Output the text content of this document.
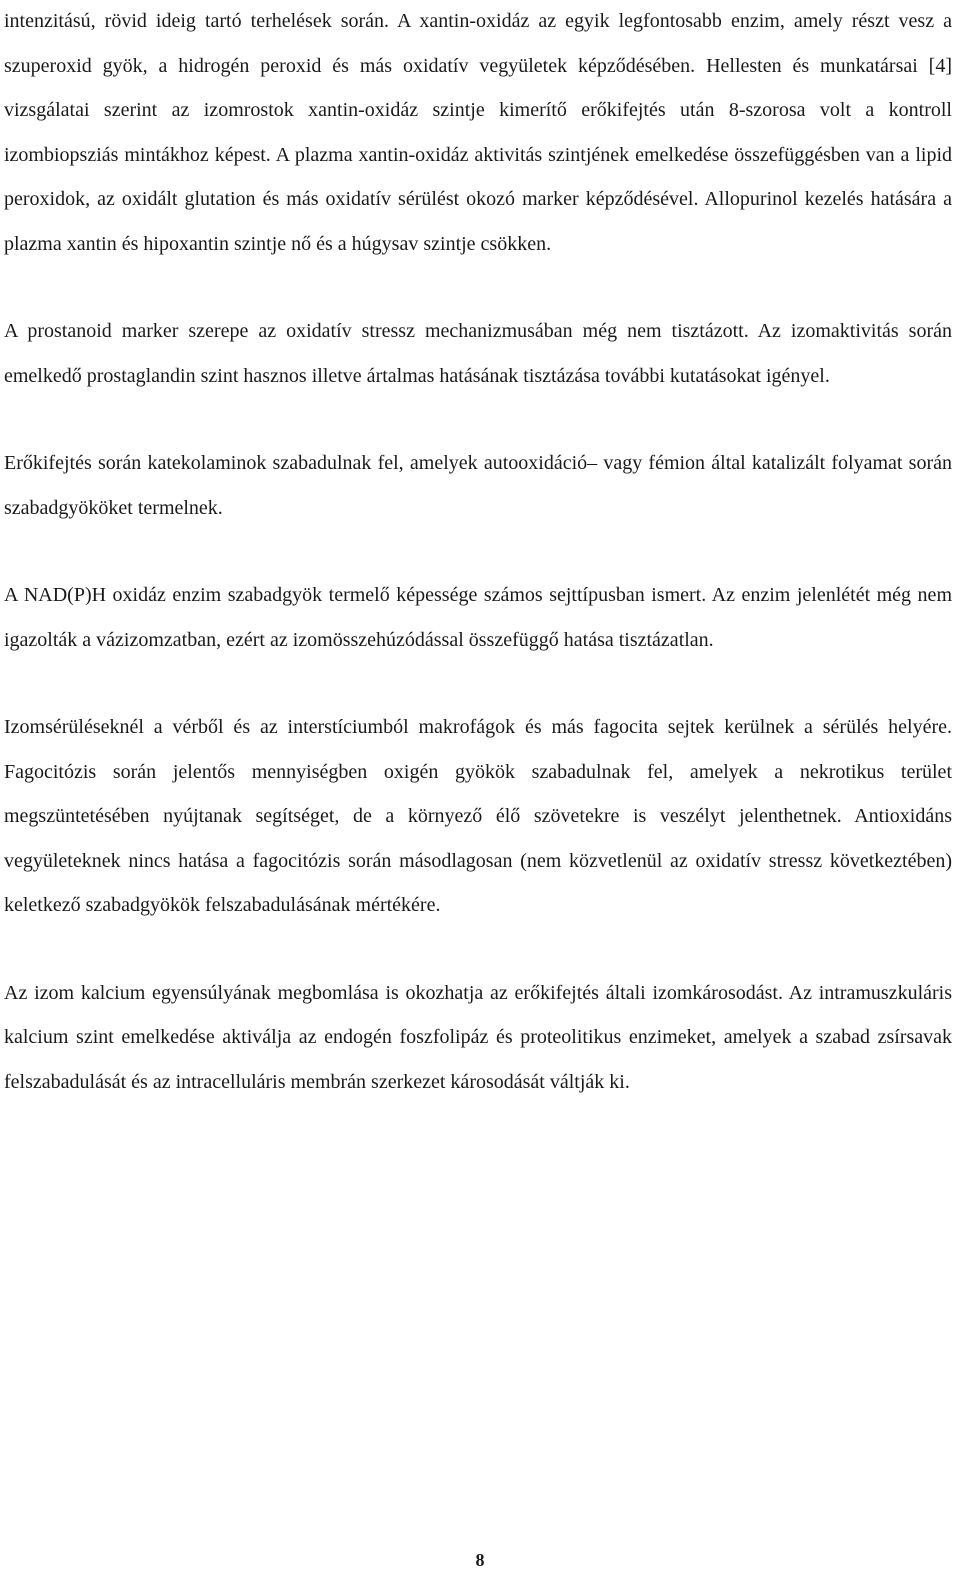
intenzitású, rövid ideig tartó terhelések során. A xantin-oxidáz az egyik legfontosabb enzim, amely részt vesz a szuperoxid gyök, a hidrogén peroxid és más oxidatív vegyületek képződésében. Hellesten és munkatársai [4] vizsgálatai szerint az izomrostok xantin-oxidáz szintje kimerítő erőkifejtés után 8-szorosa volt a kontroll izombiopsziás mintákhoz képest. A plazma xantin-oxidáz aktivitás szintjének emelkedése összefüggésben van a lipid peroxidok, az oxidált glutation és más oxidatív sérülést okozó marker képződésével. Allopurinol kezelés hatására a plazma xantin és hipoxantin szintje nő és a húgysav szintje csökken.

A prostanoid marker szerepe az oxidatív stressz mechanizmusában még nem tisztázott. Az izomaktivitás során emelkedő prostaglandin szint hasznos illetve ártalmas hatásának tisztázása további kutatásokat igényel.

Erőkifejtés során katekolaminok szabadulnak fel, amelyek autooxidáció– vagy fémion által katalizált folyamat során szabadgyököket termelnek.

A NAD(P)H oxidáz enzim szabadgyök termelő képessége számos sejttípusban ismert. Az enzim jelenlétét még nem igazolták a vázizomzatban, ezért az izomösszehúzódással összefüggő hatása tisztázatlan.

Izomsérüléseknél a vérből és az interstíciumból makrofágok és más fagocita sejtek kerülnek a sérülés helyére. Fagocitózis során jelentős mennyiségben oxigén gyökök szabadulnak fel, amelyek a nekrotikus terület megszüntetésében nyújtanak segítséget, de a környező élő szövetekre is veszélyt jelenthetnek. Antioxidáns vegyületeknek nincs hatása a fagocitózis során másodlagosan (nem közvetlenül az oxidatív stressz következtében) keletkező szabadgyökök felszabadulásának mértékére.

Az izom kalcium egyensúlyának megbomlása is okozhatja az erőkifejtés általi izomkárosodást. Az intramuszkuláris kalcium szint emelkedése aktiválja az endogén foszfolipáz és proteolitikus enzimeket, amelyek a szabad zsírsavak felszabadulását és az intracelluláris membrán szerkezet károsodását váltják ki.

8
